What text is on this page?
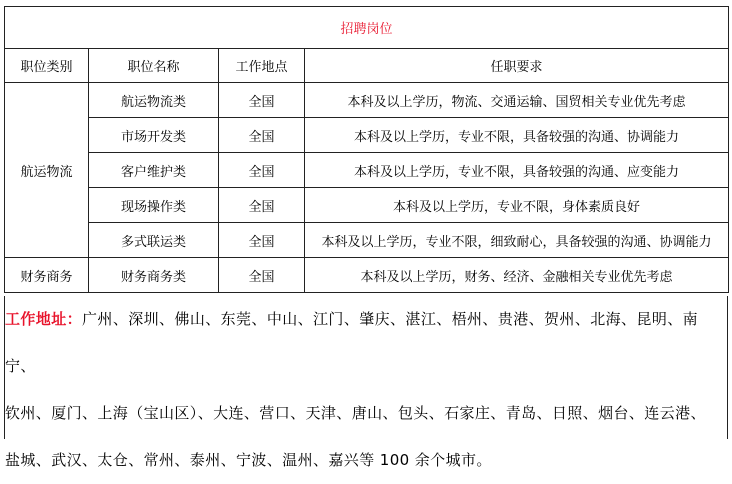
招聘岗位			
职位类别	职位名称	工作地点	任职要求
航运物流	航运物流类	全国	本科及以上学历，物流、交通运输、国贸相关专业优先考虑
	市场开发类	全国	本科及以上学历，专业不限，具备较强的沟通、协调能力
	客户维护类	全国	本科及以上学历，专业不限，具备较强的沟通、应变能力
	现场操作类	全国	本科及以上学历，专业不限，身体素质良好
	多式联运类	全国	本科及以上学历，专业不限，细致耐心，具备较强的沟通、协调能力
财务商务	财务商务类	全国	本科及以上学历，财务、经济、金融相关专业优先考虑
工作地址：广州、深圳、佛山、东莞、中山、江门、肇庆、湛江、梧州、贵港、贺州、北海、昆明、南宁、
钦州、厦门、上海（宝山区）、大连、营口、天津、唐山、包头、石家庄、青岛、日照、烟台、连云港、
盐城、武汉、太仓、常州、泰州、宁波、温州、嘉兴等 100 余个城市。
